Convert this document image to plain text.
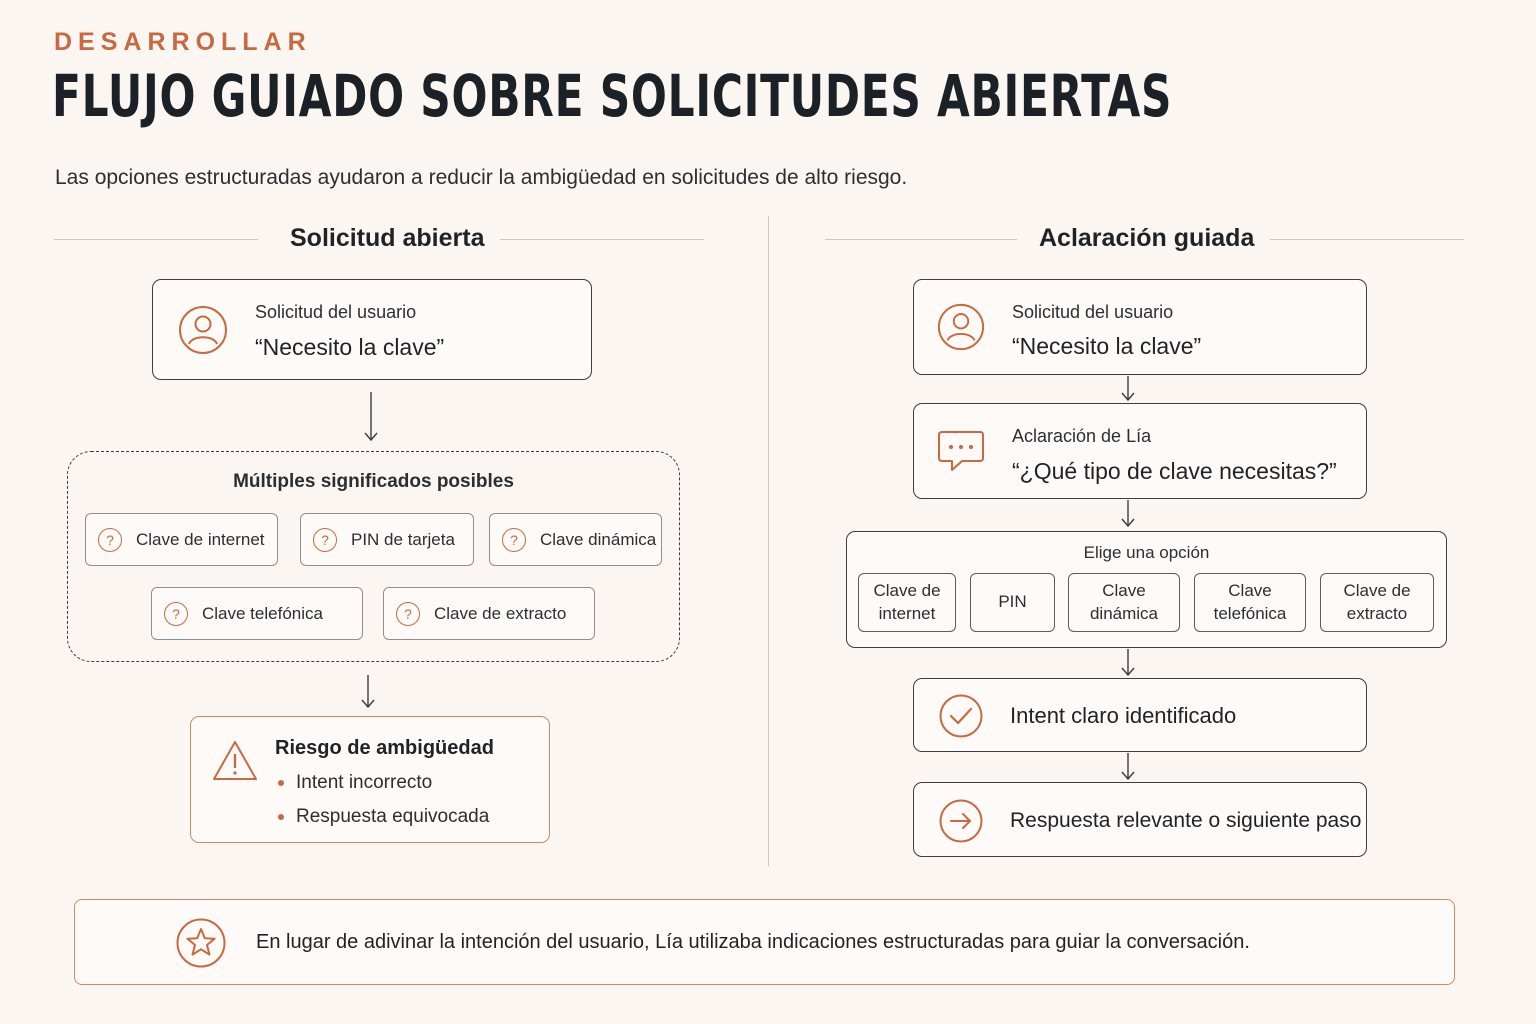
DESARROLLAR
FLUJO GUIADO SOBRE SOLICITUDES ABIERTAS
Las opciones estructuradas ayudaron a reducir la ambigüedad en solicitudes de alto riesgo.
Solicitud abierta	Aclaración guiada
Solicitud del usuario
“Necesito la clave”
Múltiples significados posibles
?	Clave de internet	?	PIN de tarjeta	?	Clave dinámica
?	Clave telefónica	?	Clave de extracto
Riesgo de ambigüedad
Intent incorrecto
Respuesta equivocada
Solicitud del usuario
“Necesito la clave”
Aclaración de Lía
“¿Qué tipo de clave necesitas?”
Elige una opción
Clave de
internet
PIN
Clave
dinámica
Clave
telefónica
Clave de
extracto
Intent claro identificado
Respuesta relevante o siguiente paso
En lugar de adivinar la intención del usuario, Lía utilizaba indicaciones estructuradas para guiar la conversación.
